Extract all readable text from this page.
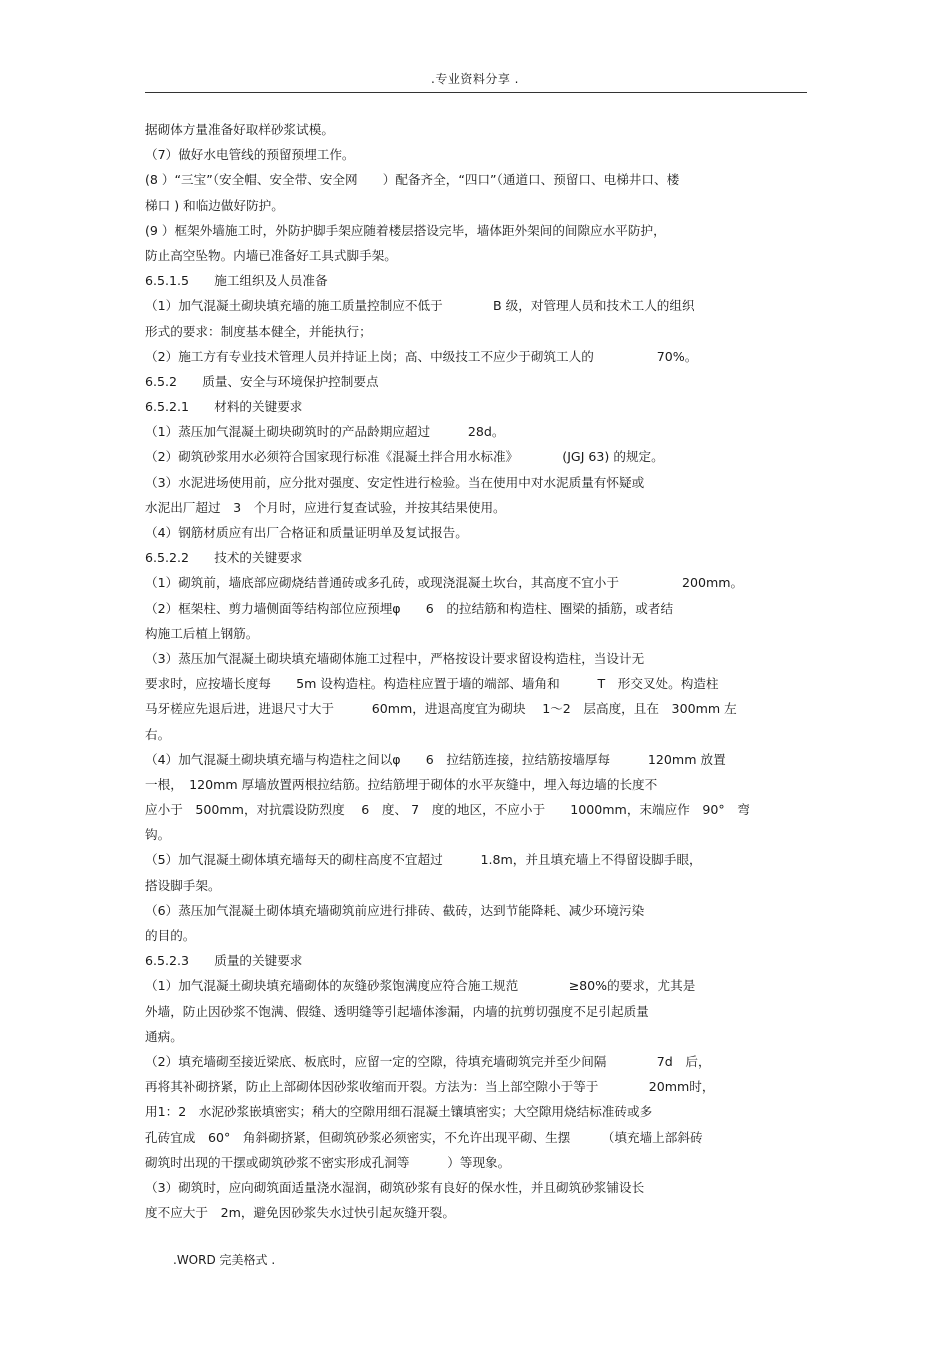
.专业资料分享 .
据砌体方量准备好取样砂浆试模。
（7）做好水电管线的预留预埋工作。
(8 ）“三宝”（安全帽、安全带、安全网　　）配备齐全，“四口”（通道口、预留口、电梯井口、楼
梯口 ) 和临边做好防护。
(9 ）框架外墙施工时，外防护脚手架应随着楼层搭设完毕，墙体距外架间的间隙应水平防护，
防止高空坠物。内墙已准备好工具式脚手架。
6.5.1.5　　施工组织及人员准备
（1）加气混凝土砌块填充墙的施工质量控制应不低于　　　　B 级，对管理人员和技术工人的组织
形式的要求：制度基本健全，并能执行；
（2）施工方有专业技术管理人员并持证上岗；高、中级技工不应少于砌筑工人的　　　　　70%。
6.5.2　　质量、安全与环境保护控制要点
6.5.2.1　　材料的关键要求
（1）蒸压加气混凝土砌块砌筑时的产品龄期应超过　　　28d。
（2）砌筑砂浆用水必须符合国家现行标准《混凝土拌合用水标准》　　　　(JGJ 63) 的规定。
（3）水泥进场使用前，应分批对强度、安定性进行检验。当在使用中对水泥质量有怀疑或
水泥出厂超过　3　个月时，应进行复查试验，并按其结果使用。
（4）钢筋材质应有出厂合格证和质量证明单及复试报告。
6.5.2.2　　技术的关键要求
（1）砌筑前，墙底部应砌烧结普通砖或多孔砖，或现浇混凝土坎台，其高度不宜小于　　　　　200mm。
（2）框架柱、剪力墙侧面等结构部位应预埋φ　　6　的拉结筋和构造柱、圈梁的插筋，或者结
构施工后植上钢筋。
（3）蒸压加气混凝土砌块填充墙砌体施工过程中，严格按设计要求留设构造柱，当设计无
要求时，应按墙长度每　　5m 设构造柱。构造柱应置于墙的端部、墙角和　　　T　形交叉处。构造柱
马牙槎应先退后进，进退尺寸大于　　　60mm，进退高度宜为砌块　 1～2　层高度，且在　300mm 左
右。
（4）加气混凝土砌块填充墙与构造柱之间以φ　　6　拉结筋连接，拉结筋按墙厚每　　　120mm 放置
一根，　120mm 厚墙放置两根拉结筋。拉结筋埋于砌体的水平灰缝中，埋入每边墙的长度不
应小于　500mm，对抗震设防烈度　 6　度、 7　度的地区，不应小于　　1000mm，末端应作　90°　弯
钩。
（5）加气混凝土砌体填充墙每天的砌柱高度不宜超过　　　1.8m，并且填充墙上不得留设脚手眼，
搭设脚手架。
（6）蒸压加气混凝土砌体填充墙砌筑前应进行排砖、截砖，达到节能降耗、减少环境污染
的目的。
6.5.2.3　　质量的关键要求
（1）加气混凝土砌块填充墙砌体的灰缝砂浆饱满度应符合施工规范　　　　≥80%的要求，尤其是
外墙，防止因砂浆不饱满、假缝、透明缝等引起墙体渗漏，内墙的抗剪切强度不足引起质量
通病。
（2）填充墙砌至接近梁底、板底时，应留一定的空隙，待填充墙砌筑完并至少间隔　　　　7d　后，
再将其补砌挤紧，防止上部砌体因砂浆收缩而开裂。方法为：当上部空隙小于等于　　　　20mm时，
用1：2　水泥砂浆嵌填密实；稍大的空隙用细石混凝土镶填密实；大空隙用烧结标准砖或多
孔砖宜成　60°　角斜砌挤紧，但砌筑砂浆必须密实，不允许出现平砌、生摆　　　（填充墙上部斜砖
砌筑时出现的干摆或砌筑砂浆不密实形成孔洞等　　　）等现象。
（3）砌筑时，应向砌筑面适量浇水湿润，砌筑砂浆有良好的保水性，并且砌筑砂浆铺设长
度不应大于　2m，避免因砂浆失水过快引起灰缝开裂。
.WORD 完美格式 .
